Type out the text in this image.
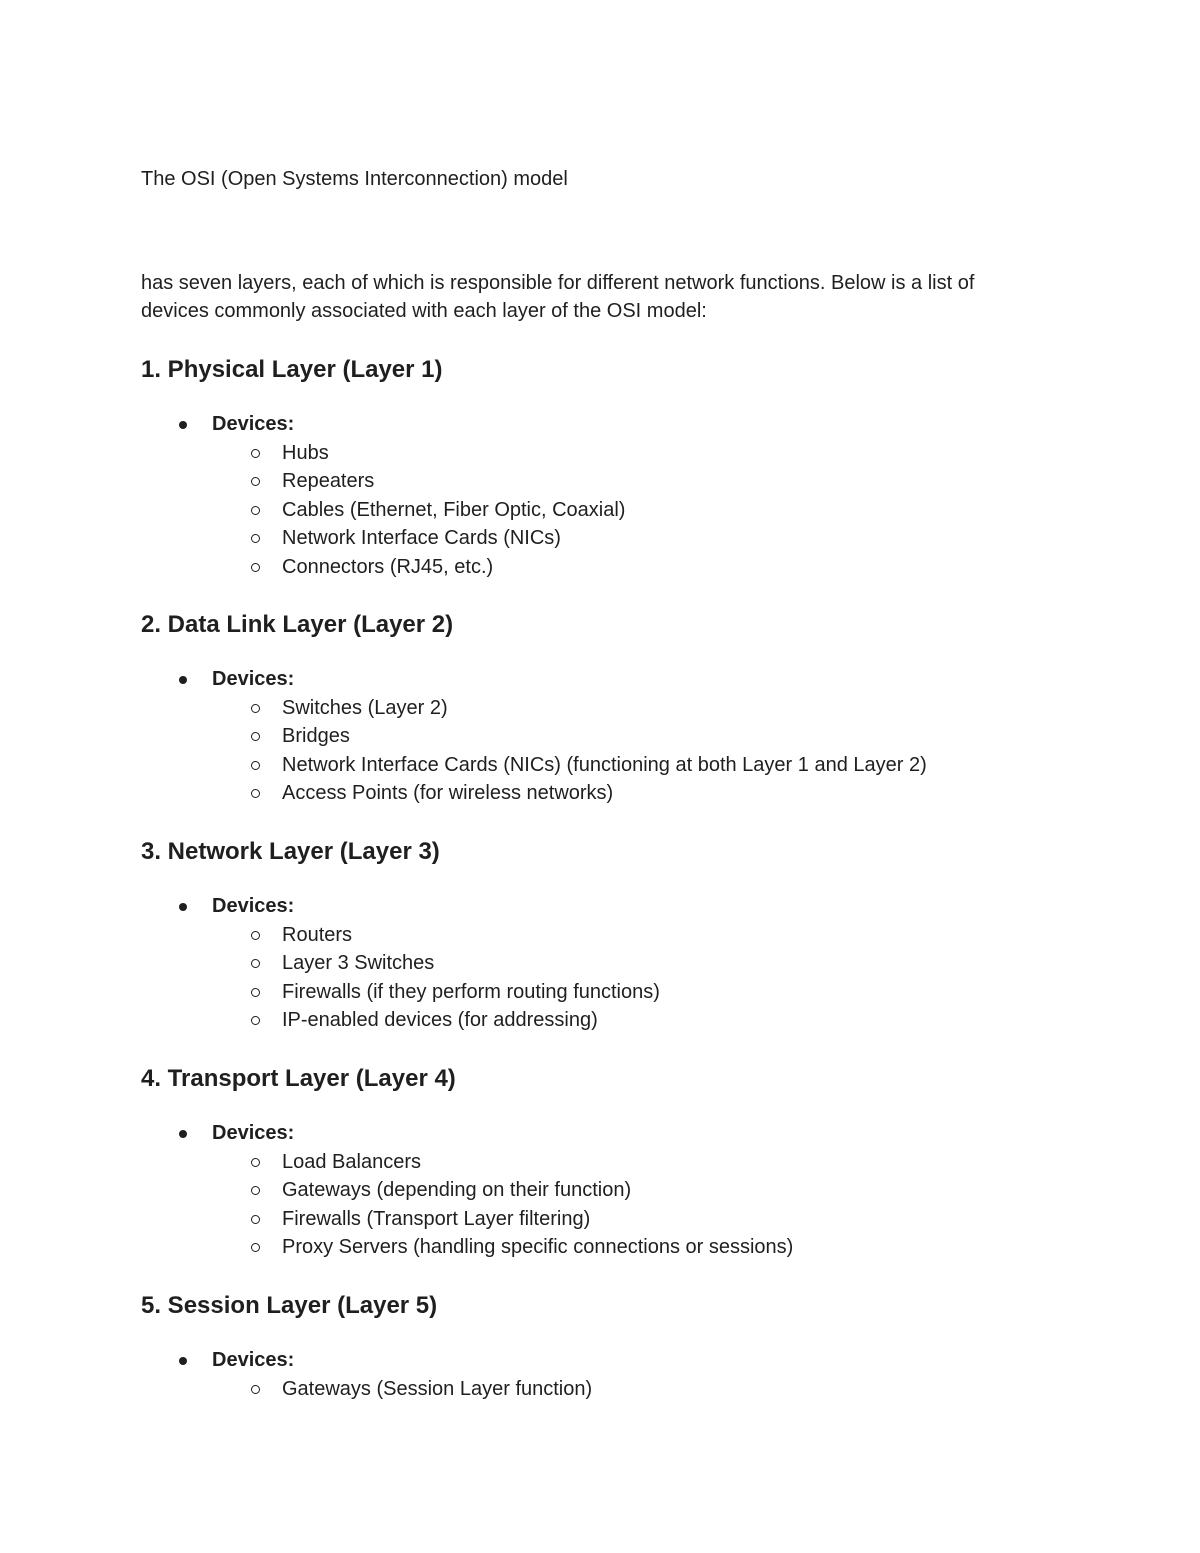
The OSI (Open Systems Interconnection) model
has seven layers, each of which is responsible for different network functions. Below is a list of
devices commonly associated with each layer of the OSI model:
1. Physical Layer (Layer 1)
Devices:
Hubs
Repeaters
Cables (Ethernet, Fiber Optic, Coaxial)
Network Interface Cards (NICs)
Connectors (RJ45, etc.)
2. Data Link Layer (Layer 2)
Devices:
Switches (Layer 2)
Bridges
Network Interface Cards (NICs) (functioning at both Layer 1 and Layer 2)
Access Points (for wireless networks)
3. Network Layer (Layer 3)
Devices:
Routers
Layer 3 Switches
Firewalls (if they perform routing functions)
IP-enabled devices (for addressing)
4. Transport Layer (Layer 4)
Devices:
Load Balancers
Gateways (depending on their function)
Firewalls (Transport Layer filtering)
Proxy Servers (handling specific connections or sessions)
5. Session Layer (Layer 5)
Devices:
Gateways (Session Layer function)
